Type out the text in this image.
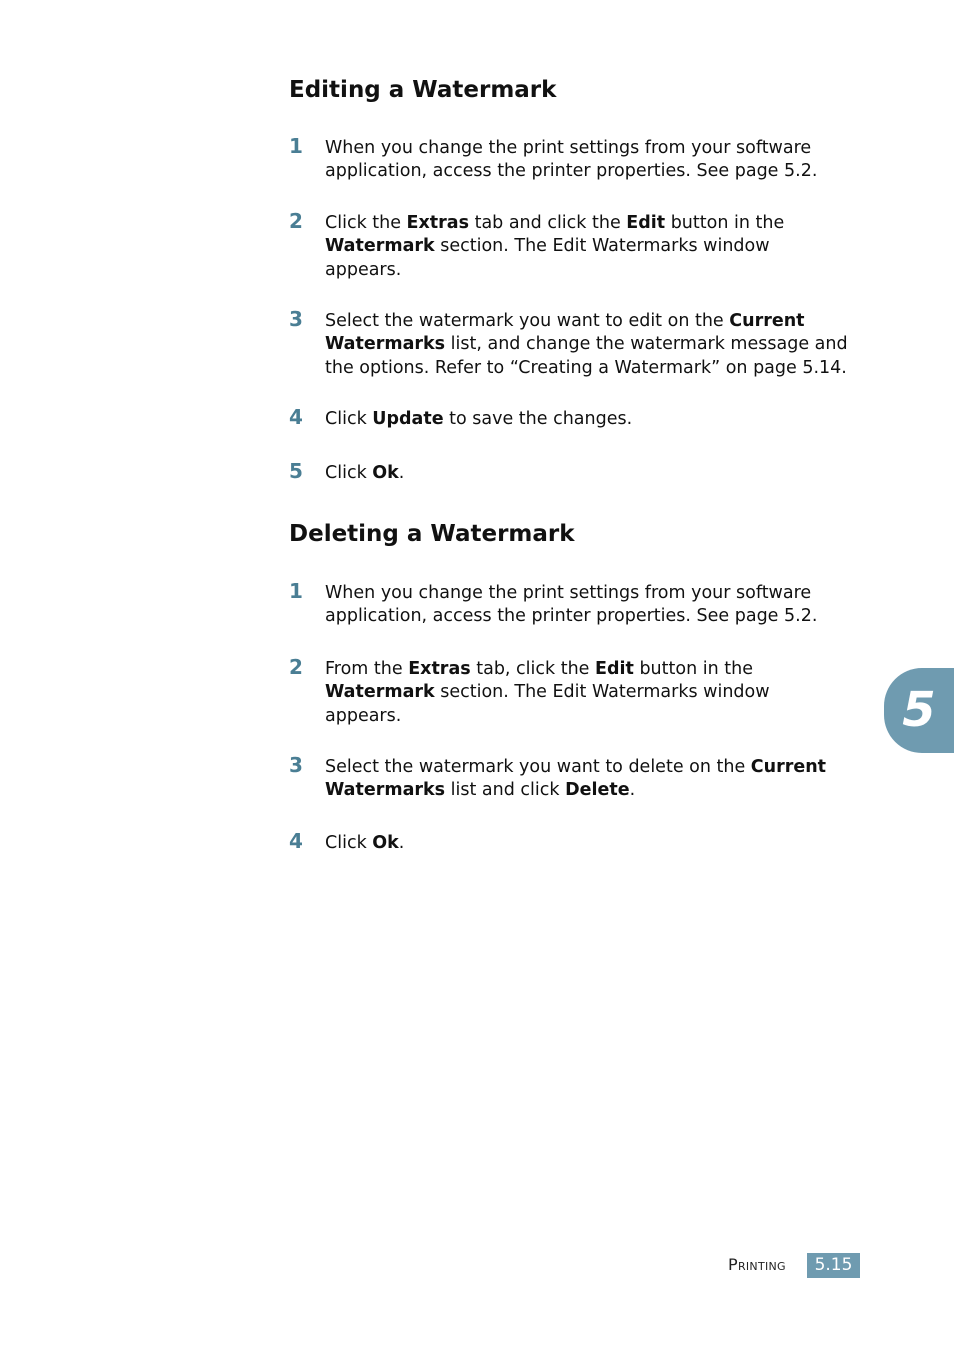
Editing a Watermark
1 When you change the print settings from your software
application, access the printer properties. See page 5.2.
2 Click the Extras tab and click the Edit button in the
Watermark section. The Edit Watermarks window
appears.
3 Select the watermark you want to edit on the Current
Watermarks list, and change the watermark message and
the options. Refer to “Creating a Watermark” on page 5.14.
4 Click Update to save the changes.
5 Click Ok.
Deleting a Watermark
1 When you change the print settings from your software
application, access the printer properties. See page 5.2.
2 From the Extras tab, click the Edit button in the
Watermark section. The Edit Watermarks window
appears.
3 Select the watermark you want to delete on the Current
Watermarks list and click Delete.
4 Click Ok.
5
Printing	5.15
